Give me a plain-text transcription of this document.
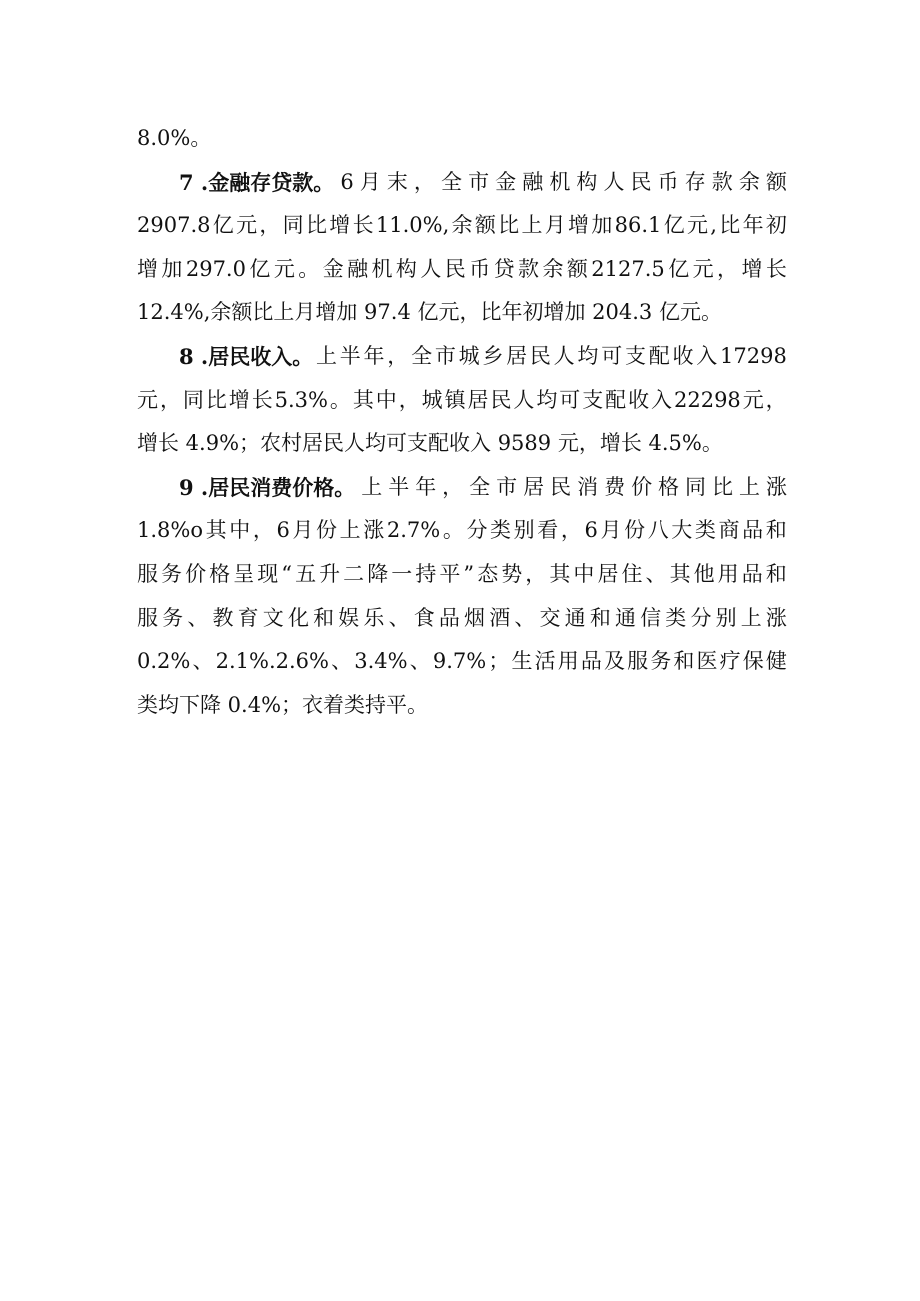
8.0%。
7 .金融存贷款。 6 月 末 ， 全 市 金 融 机 构 人 民 币 存 款 余 额
2907.8 亿 元 ， 同 比 增 长 11.0%, 余 额 比 上 月 增 加 86.1 亿 元 , 比 年 初
增 加 297.0 亿 元 。 金 融 机 构 人 民 币 贷 款 余 额 2127.5 亿 元 ， 增 长
12.4%,余额比上月增加 97.4 亿元，比年初增加 204.3 亿元。
8 .居民收入。 上 半 年 ， 全 市 城 乡 居 民 人 均 可 支 配 收 入 17298
元 ， 同 比 增 长 5.3% 。 其 中 ， 城 镇 居 民 人 均 可 支 配 收 入 22298 元 ，
增长 4.9%；农村居民人均可支配收入 9589 元，增长 4.5%。
9 .居民消费价格。 上 半 年 ， 全 市 居 民 消 费 价 格 同 比 上 涨
1.8%o 其 中 ， 6 月 份 上 涨 2.7% 。 分 类 别 看 ， 6 月 份 八 大 类 商 品 和
服 务 价 格 呈 现 “ 五 升 二 降 一 持 平 ” 态 势 ， 其 中 居 住 、 其 他 用 品 和
服 务 、 教 育 文 化 和 娱 乐 、 食 品 烟 酒 、 交 通 和 通 信 类 分 别 上 涨
0.2% 、 2.1%.2.6% 、 3.4% 、 9.7% ； 生 活 用 品 及 服 务 和 医 疗 保 健
类均下降 0.4%；衣着类持平。
